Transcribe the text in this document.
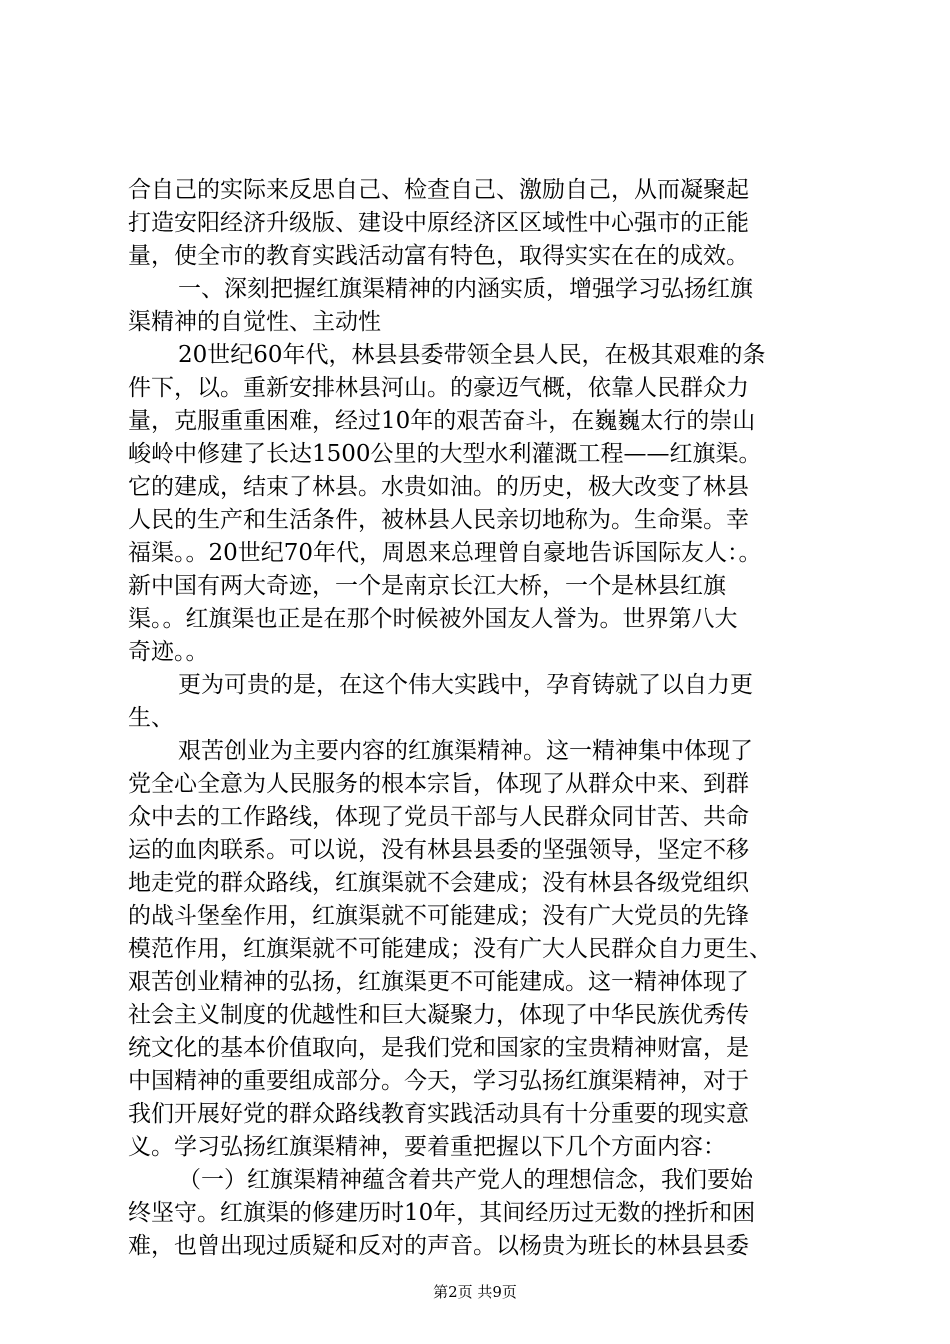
合自己的实际来反思自己、检查自己、激励自己，从而凝聚起
打造安阳经济升级版、建设中原经济区区域性中心强市的正能
量，使全市的教育实践活动富有特色，取得实实在在的成效。
一、深刻把握红旗渠精神的内涵实质，增强学习弘扬红旗
渠精神的自觉性、主动性
20世纪60年代，林县县委带领全县人民，在极其艰难的条
件下，以。重新安排林县河山。的豪迈气概，依靠人民群众力
量，克服重重困难，经过10年的艰苦奋斗，在巍巍太行的崇山
峻岭中修建了长达1500公里的大型水利灌溉工程——红旗渠。
它的建成，结束了林县。水贵如油。的历史，极大改变了林县
人民的生产和生活条件，被林县人民亲切地称为。生命渠。幸
福渠。。20世纪70年代，周恩来总理曾自豪地告诉国际友人：。
新中国有两大奇迹，一个是南京长江大桥，一个是林县红旗
渠。。红旗渠也正是在那个时候被外国友人誉为。世界第八大
奇迹。。
更为可贵的是，在这个伟大实践中，孕育铸就了以自力更
生、
艰苦创业为主要内容的红旗渠精神。这一精神集中体现了
党全心全意为人民服务的根本宗旨，体现了从群众中来、到群
众中去的工作路线，体现了党员干部与人民群众同甘苦、共命
运的血肉联系。可以说，没有林县县委的坚强领导，坚定不移
地走党的群众路线，红旗渠就不会建成；没有林县各级党组织
的战斗堡垒作用，红旗渠就不可能建成；没有广大党员的先锋
模范作用，红旗渠就不可能建成；没有广大人民群众自力更生、
艰苦创业精神的弘扬，红旗渠更不可能建成。这一精神体现了
社会主义制度的优越性和巨大凝聚力，体现了中华民族优秀传
统文化的基本价值取向，是我们党和国家的宝贵精神财富，是
中国精神的重要组成部分。今天，学习弘扬红旗渠精神，对于
我们开展好党的群众路线教育实践活动具有十分重要的现实意
义。学习弘扬红旗渠精神，要着重把握以下几个方面内容：
（一）红旗渠精神蕴含着共产党人的理想信念，我们要始
终坚守。红旗渠的修建历时10年，其间经历过无数的挫折和困
难，也曾出现过质疑和反对的声音。以杨贵为班长的林县县委
第2页 共9页
